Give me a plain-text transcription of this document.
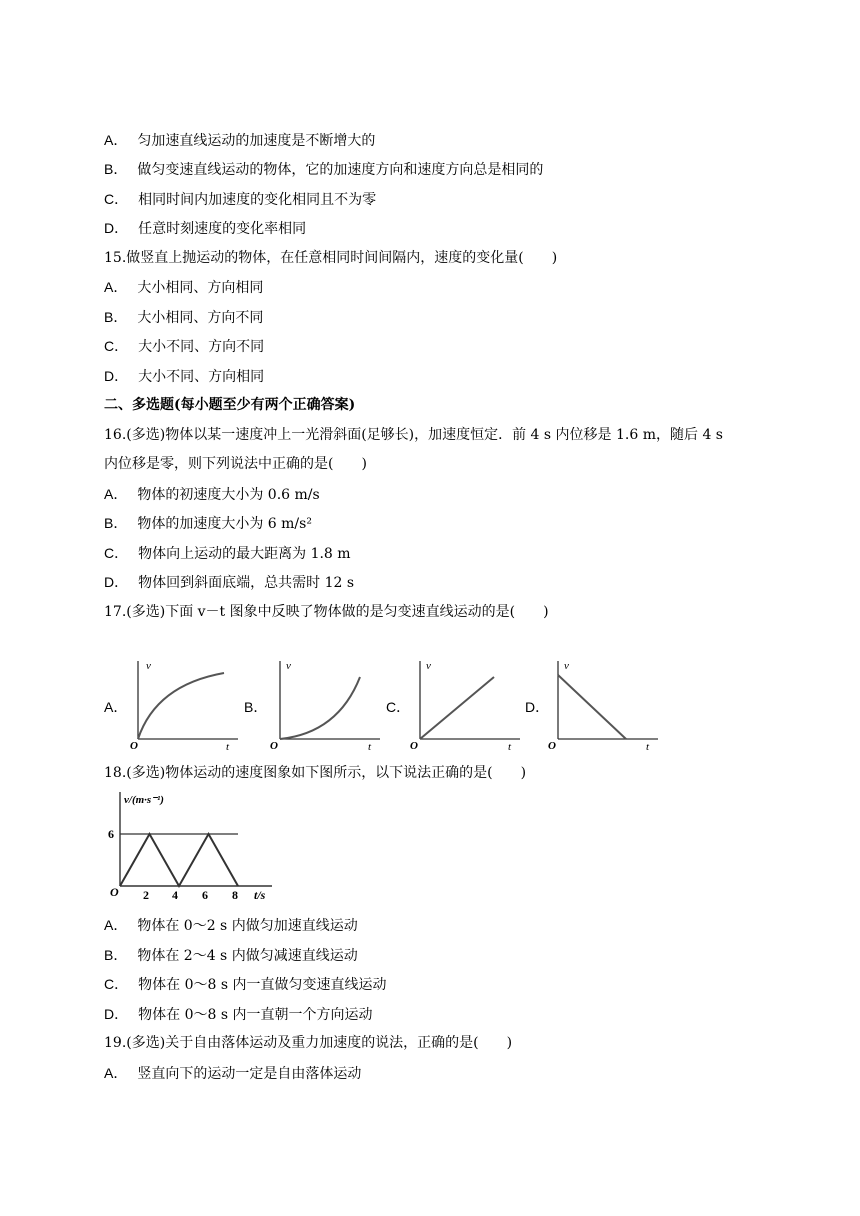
A． 匀加速直线运动的加速度是不断增大的
B． 做匀变速直线运动的物体，它的加速度方向和速度方向总是相同的
C． 相同时间内加速度的变化相同且不为零
D． 任意时刻速度的变化率相同
15.做竖直上抛运动的物体，在任意相同时间间隔内，速度的变化量(　　)
A． 大小相同、方向相同
B． 大小相同、方向不同
C． 大小不同、方向不同
D． 大小不同、方向相同
二、多选题(每小题至少有两个正确答案)
16.(多选)物体以某一速度冲上一光滑斜面(足够长)，加速度恒定．前 4 s 内位移是 1.6 m，随后 4 s
内位移是零，则下列说法中正确的是(　　)
A． 物体的初速度大小为 0.6 m/s
B． 物体的加速度大小为 6 m/s²
C． 物体向上运动的最大距离为 1.8 m
D． 物体回到斜面底端，总共需时 12 s
17.(多选)下面 v－t 图象中反映了物体做的是匀变速直线运动的是(　　)
A．
v
O	t
B．
v
O	t
C．
v
O	t
D．
v
O	t
18.(多选)物体运动的速度图象如下图所示，以下说法正确的是(　　)
v/(m·s⁻¹)
6
O 2 4 6 8 t/s
A． 物体在 0～2 s 内做匀加速直线运动
B． 物体在 2～4 s 内做匀减速直线运动
C． 物体在 0～8 s 内一直做匀变速直线运动
D． 物体在 0～8 s 内一直朝一个方向运动
19.(多选)关于自由落体运动及重力加速度的说法，正确的是(　　)
A． 竖直向下的运动一定是自由落体运动
